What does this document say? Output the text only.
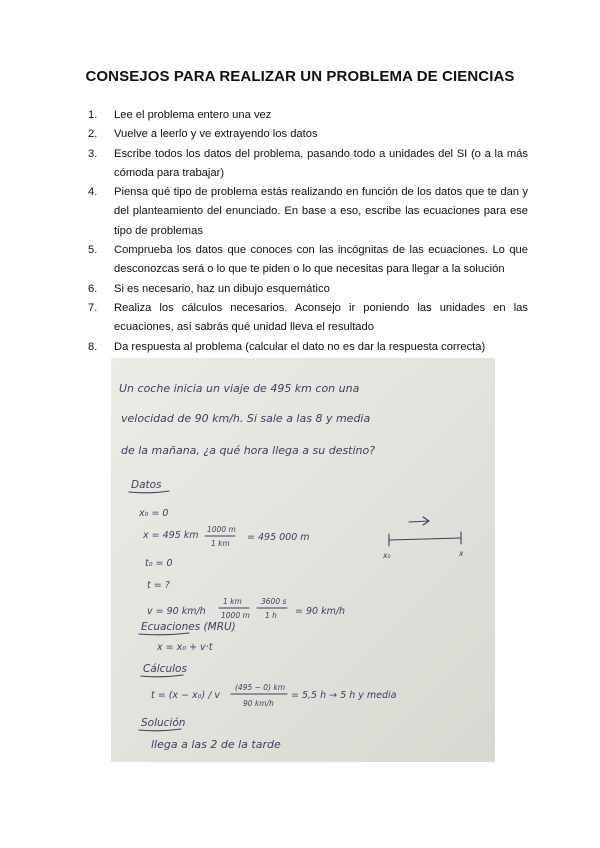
CONSEJOS PARA REALIZAR UN PROBLEMA DE CIENCIAS
1. Lee el problema entero una vez
2. Vuelve a leerlo y ve extrayendo los datos
3. Escribe todos los datos del problema, pasando todo a unidades del SI (o a la más cómoda para trabajar)
4. Piensa qué tipo de problema estás realizando en función de los datos que te dan y del planteamiento del enunciado. En base a eso, escribe las ecuaciones para ese tipo de problemas
5. Comprueba los datos que conoces con las incógnitas de las ecuaciones. Lo que desconozcas será o lo que te piden o lo que necesitas para llegar a la solución
6. Si es necesario, haz un dibujo esquemático
7. Realiza los cálculos necesarios. Aconsejo ir poniendo las unidades en las ecuaciones, así sabrás qué unidad lleva el resultado
8. Da respuesta al problema (calcular el dato no es dar la respuesta correcta)
Un coche inicia un viaje de 495 km con una
velocidad de 90 km/h. Si sale a las 8 y media
de la mañana, ¿a qué hora llega a su destino?
Datos
x₀ = 0
x = 495 km
1000 m
1 km
= 495 000 m
t₀ = 0
t = ?
v = 90 km/h
1 km
1000 m
3600 s
1 h = 90 km/h
x₀	x
Ecuaciones (MRU)
x = x₀ + v·t
Cálculos
t = (x − x₀) / v
(495 − 0) km
90 km/h
= 5,5 h → 5 h y media
Solución
llega a las 2 de la tarde
